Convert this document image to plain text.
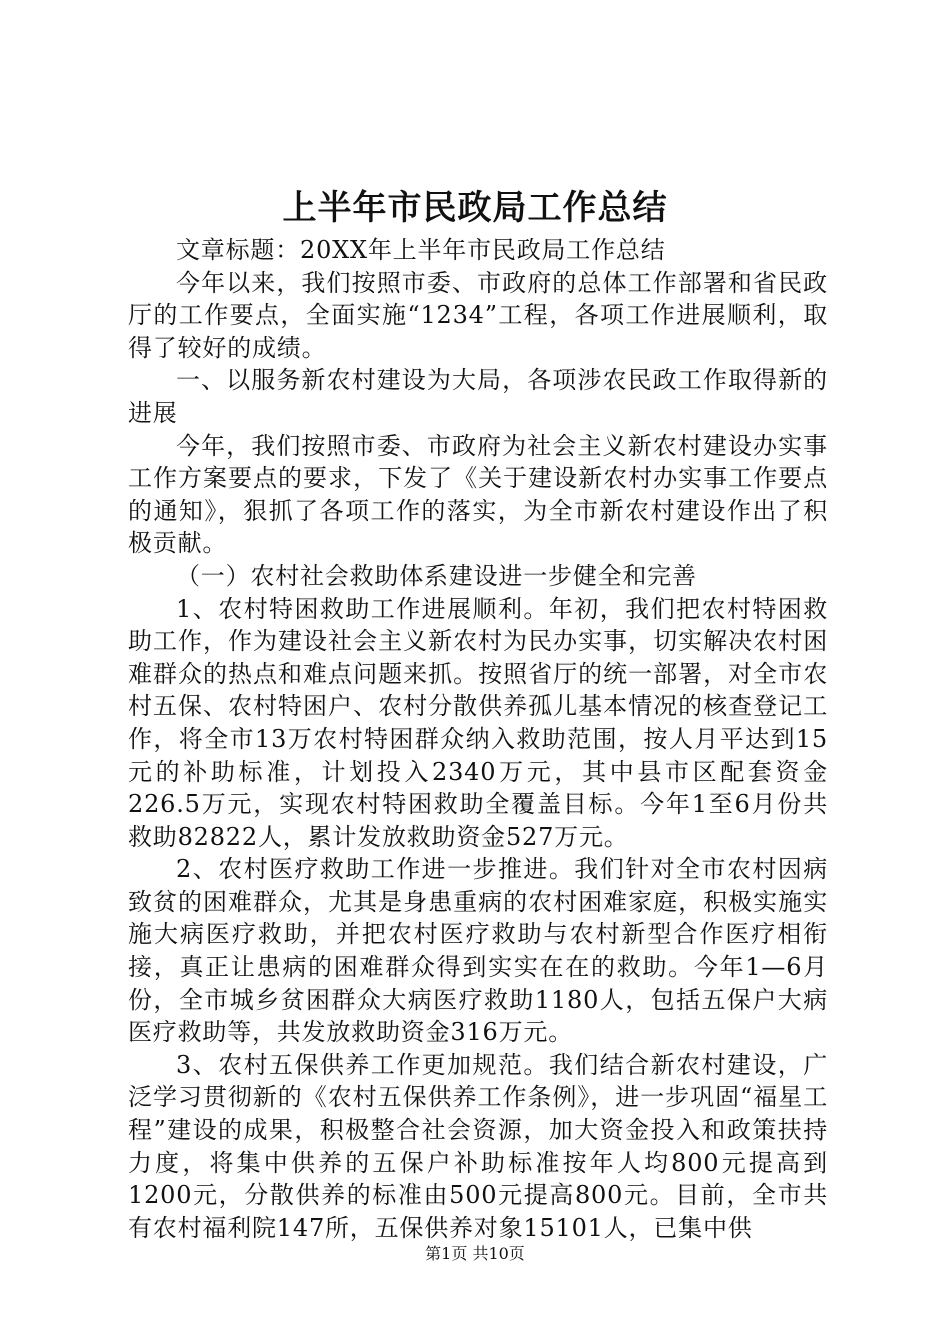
上半年市民政局工作总结

文章标题：20XX年上半年市民政局工作总结

今年以来，我们按照市委、市政府的总体工作部署和省民政厅的工作要点，全面实施“1234”工程，各项工作进展顺利，取得了较好的成绩。

一、以服务新农村建设为大局，各项涉农民政工作取得新的进展

今年，我们按照市委、市政府为社会主义新农村建设办实事工作方案要点的要求，下发了《关于建设新农村办实事工作要点的通知》，狠抓了各项工作的落实，为全市新农村建设作出了积极贡献。

（一）农村社会救助体系建设进一步健全和完善

1、农村特困救助工作进展顺利。年初，我们把农村特困救助工作，作为建设社会主义新农村为民办实事，切实解决农村困难群众的热点和难点问题来抓。按照省厅的统一部署，对全市农村五保、农村特困户、农村分散供养孤儿基本情况的核查登记工作，将全市13万农村特困群众纳入救助范围，按人月平达到15元的补助标准，计划投入2340万元，其中县市区配套资金226.5万元，实现农村特困救助全覆盖目标。今年1至6月份共救助82822人，累计发放救助资金527万元。

2、农村医疗救助工作进一步推进。我们针对全市农村因病致贫的困难群众，尤其是身患重病的农村困难家庭，积极实施实施大病医疗救助，并把农村医疗救助与农村新型合作医疗相衔接，真正让患病的困难群众得到实实在在的救助。今年1—6月份，全市城乡贫困群众大病医疗救助1180人，包括五保户大病医疗救助等，共发放救助资金316万元。

3、农村五保供养工作更加规范。我们结合新农村建设，广泛学习贯彻新的《农村五保供养工作条例》，进一步巩固“福星工程”建设的成果，积极整合社会资源，加大资金投入和政策扶持力度，将集中供养的五保户补助标准按年人均800元提高到1200元，分散供养的标准由500元提高800元。目前，全市共有农村福利院147所，五保供养对象15101人，已集中供

第1页 共10页
